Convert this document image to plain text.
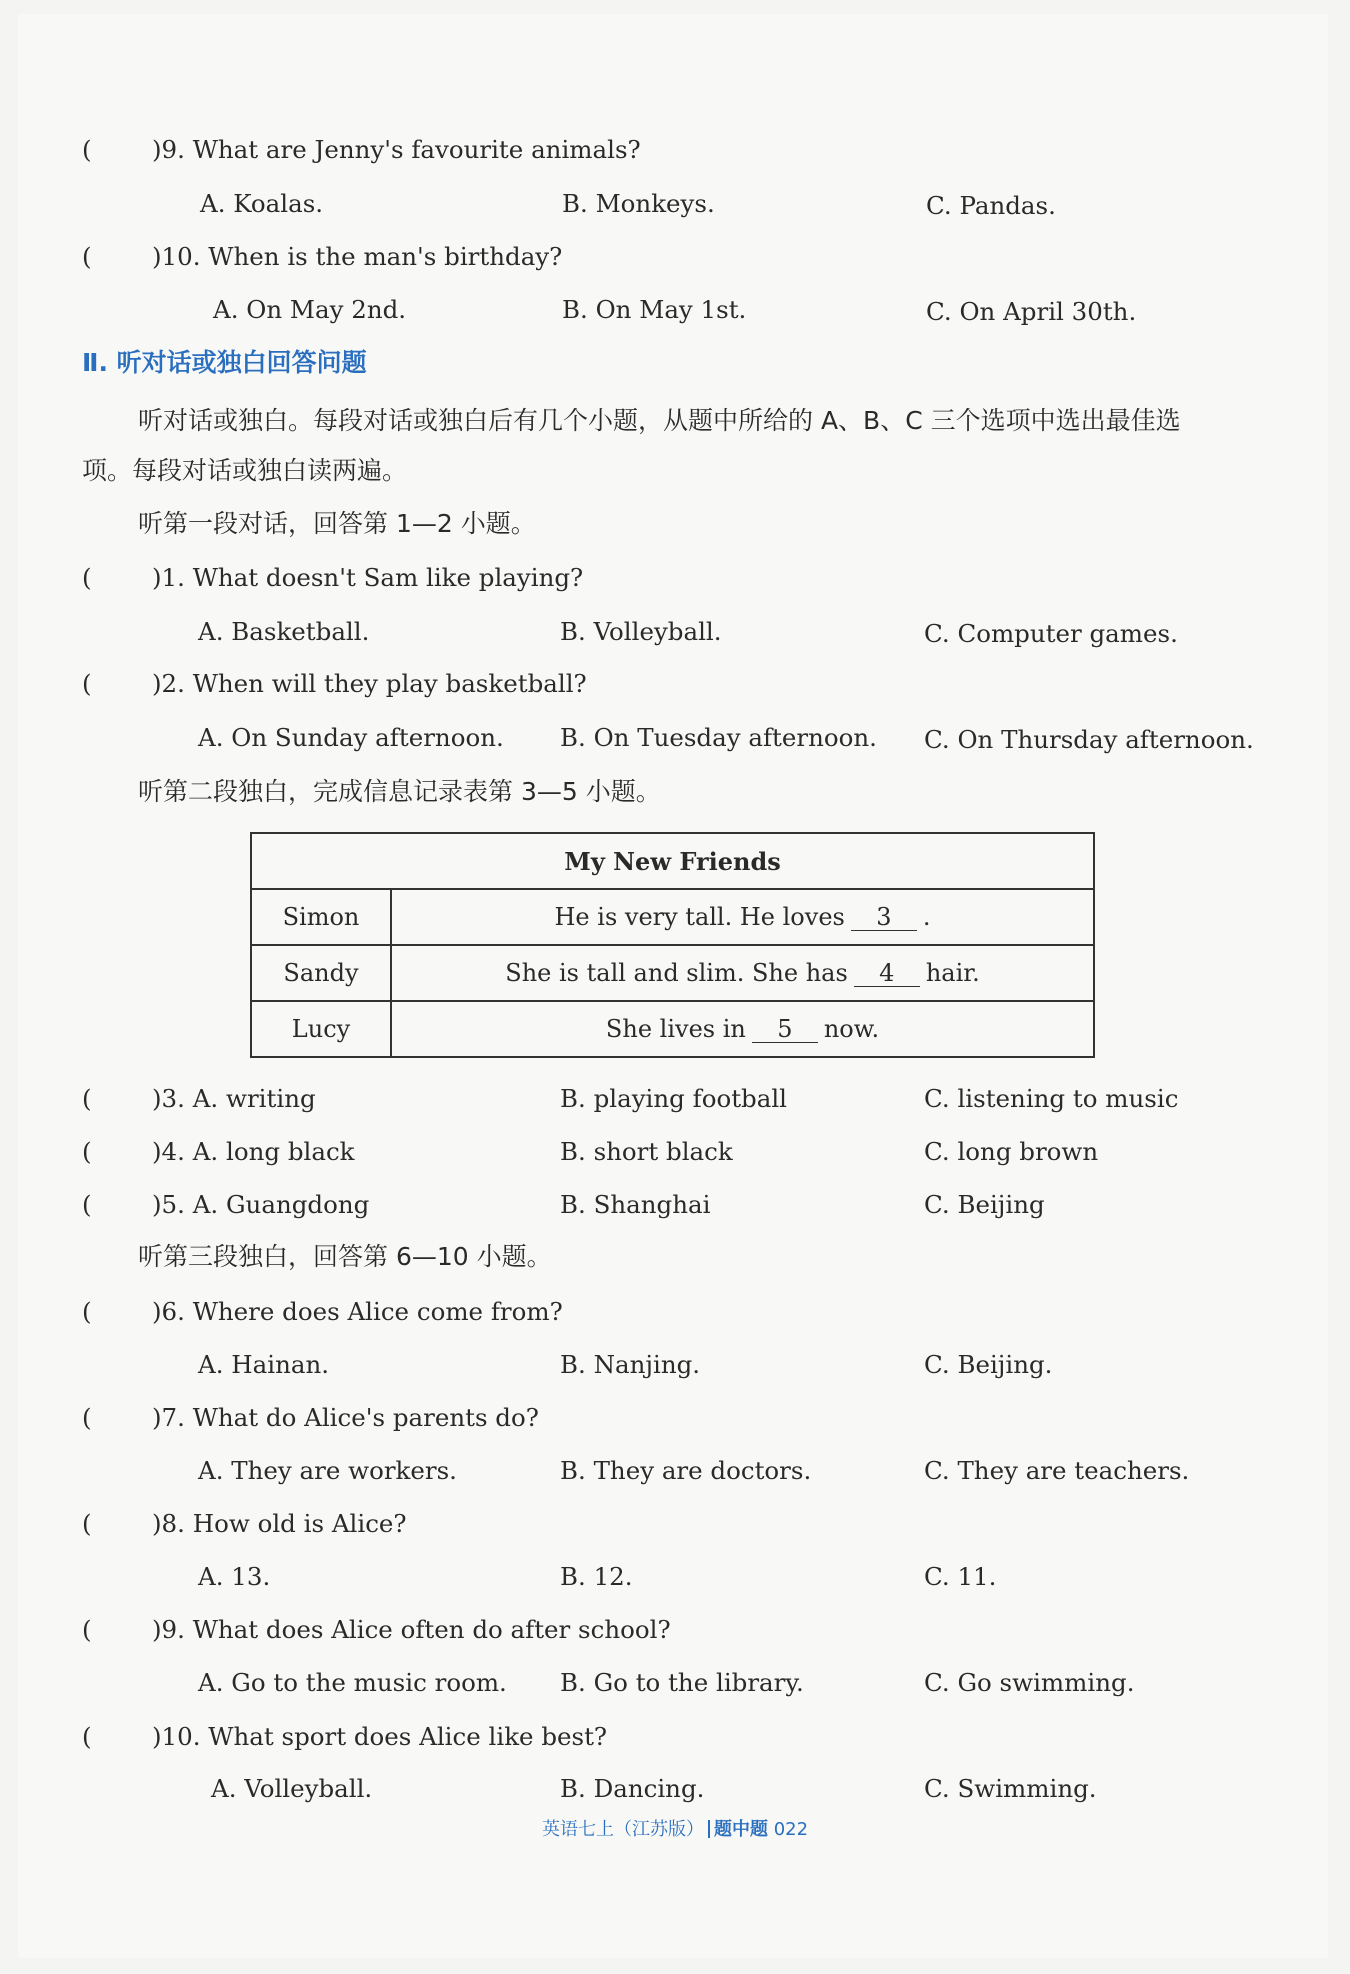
( )9. What are Jenny's favourite animals?
A. Koalas.	B. Monkeys.	C. Pandas.
( )10. When is the man's birthday?
A. On May 2nd.	B. On May 1st.	C. On April 30th.
Ⅱ. 听对话或独白回答问题
听对话或独白。每段对话或独白后有几个小题，从题中所给的 A、B、C 三个选项中选出最佳选
项。每段对话或独白读两遍。
听第一段对话，回答第 1—2 小题。
( )1. What doesn't Sam like playing?
A. Basketball.	B. Volleyball.	C. Computer games.
( )2. When will they play basketball?
A. On Sunday afternoon. B. On Tuesday afternoon. C. On Thursday afternoon.
听第二段独白，完成信息记录表第 3—5 小题。
My New Friends	
Simon	He is very tall. He loves 3 .
Sandy	She is tall and slim. She has 4 hair.
Lucy	She lives in 5 now.
( )3. A. writing	B. playing football	C. listening to music
( )4. A. long black	B. short black	C. long brown
( )5. A. Guangdong	B. Shanghai	C. Beijing
听第三段独白，回答第 6—10 小题。
( )6. Where does Alice come from?
A. Hainan.	B. Nanjing.	C. Beijing.
( )7. What do Alice's parents do?
A. They are workers.	B. They are doctors.	C. They are teachers.
( )8. How old is Alice?
A. 13.	B. 12.	C. 11.
( )9. What does Alice often do after school?
A. Go to the music room. B. Go to the library.	C. Go swimming.
( )10. What sport does Alice like best?
A. Volleyball.	B. Dancing.	C. Swimming.
英语七上（江苏版） 题中题 022
